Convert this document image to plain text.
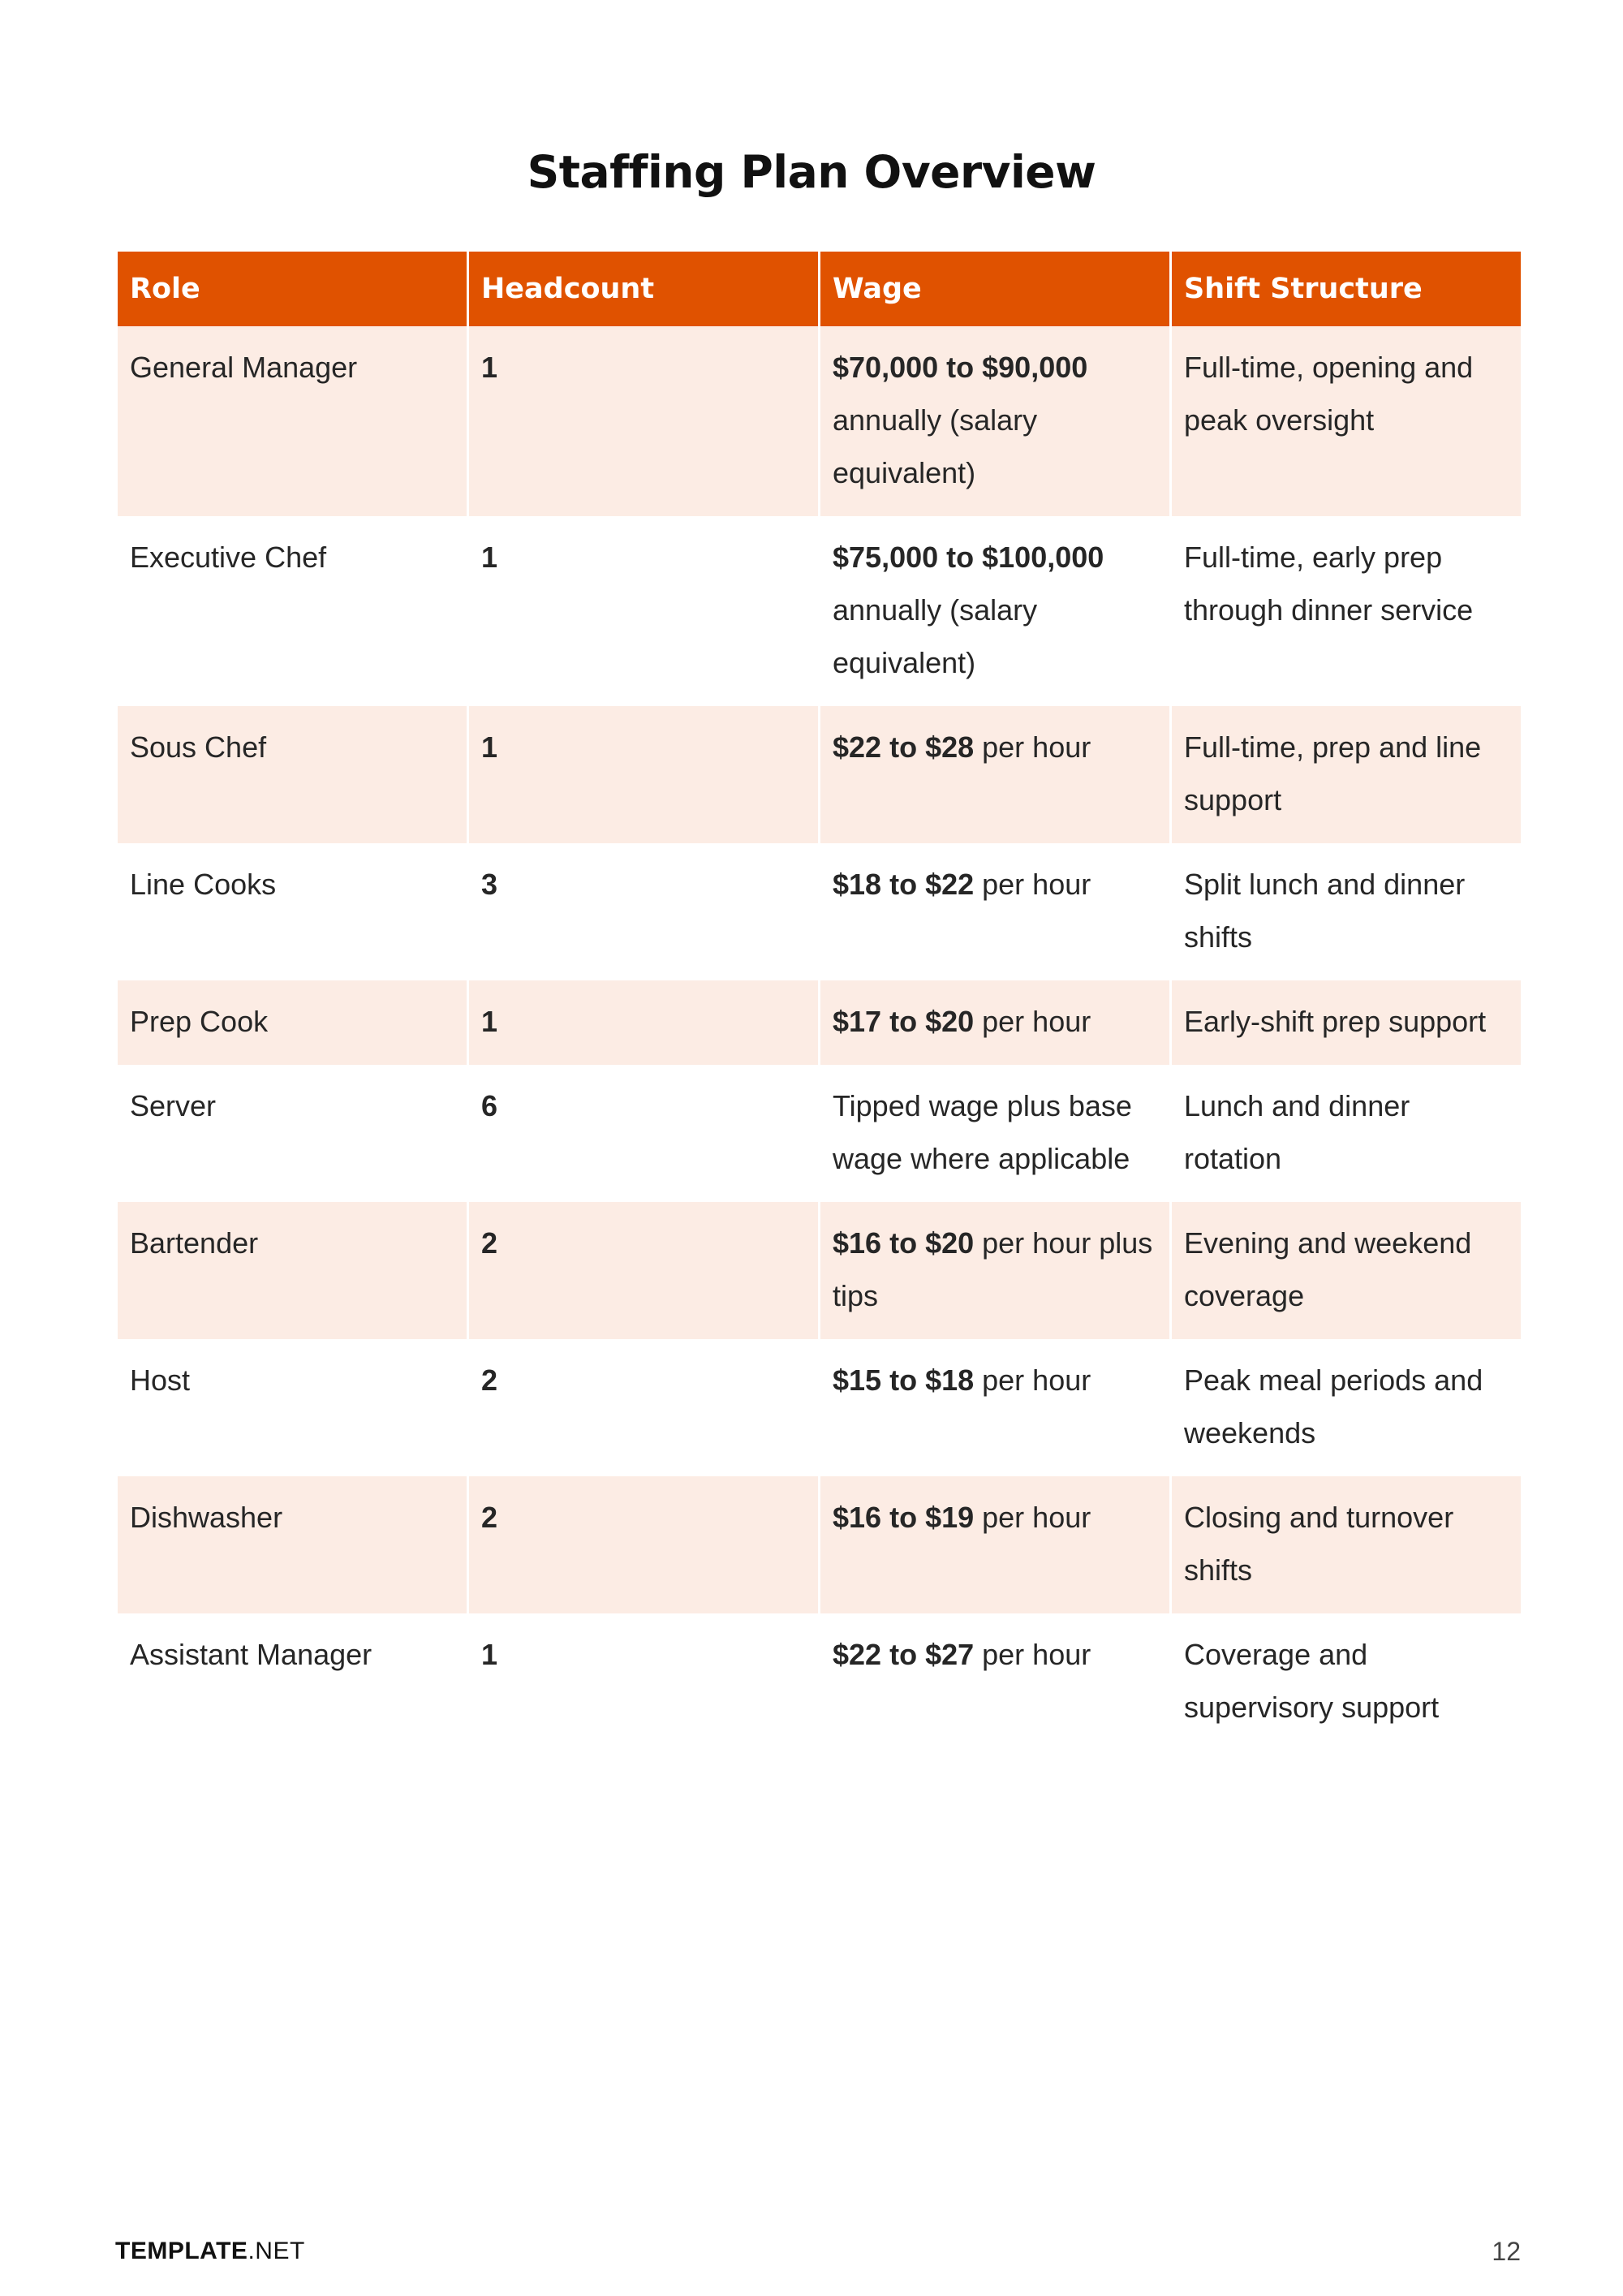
Staffing Plan Overview
Role	Headcount	Wage	Shift Structure
General Manager	1	$70,000 to $90,000 annually (salary equivalent)	Full-time, opening and peak oversight
Executive Chef	1	$75,000 to $100,000 annually (salary equivalent)	Full-time, early prep through dinner service
Sous Chef	1	$22 to $28 per hour	Full-time, prep and line support
Line Cooks	3	$18 to $22 per hour	Split lunch and dinner shifts
Prep Cook	1	$17 to $20 per hour	Early-shift prep support
Server	6	Tipped wage plus base wage where applicable	Lunch and dinner rotation
Bartender	2	$16 to $20 per hour plus tips	Evening and weekend coverage
Host	2	$15 to $18 per hour	Peak meal periods and weekends
Dishwasher	2	$16 to $19 per hour	Closing and turnover shifts
Assistant Manager	1	$22 to $27 per hour	Coverage and supervisory support
TEMPLATE.NET	12
